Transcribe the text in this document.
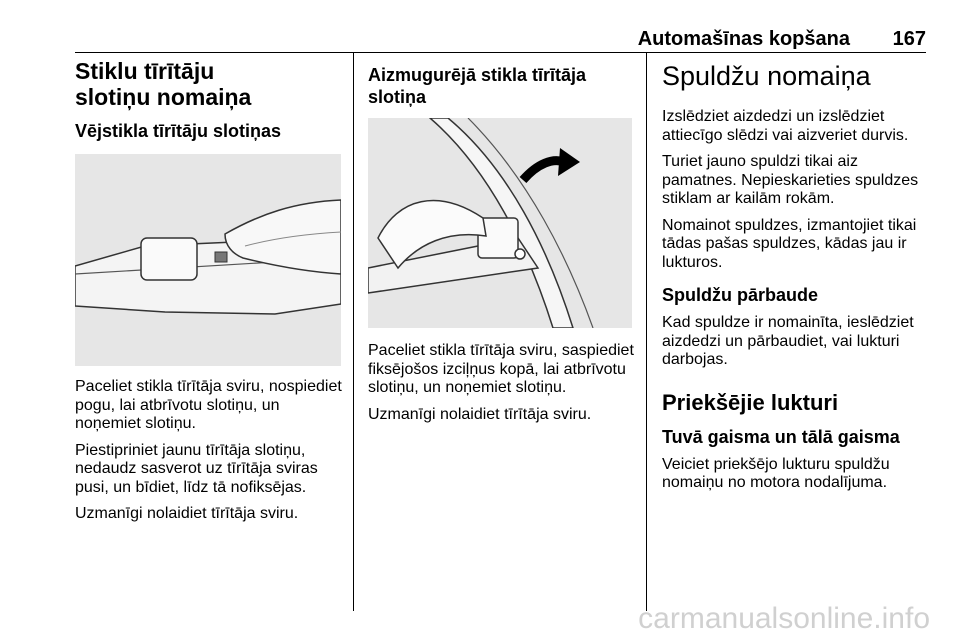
Automašīnas kopšana 167
Stiklu tīrītāju slotiņu nomaiņa
Vējstikla tīrītāju slotiņas

Paceliet stikla tīrītāja sviru, nospiediet pogu, lai atbrīvotu slotiņu, un noņemiet slotiņu.

Piestipriniet jaunu tīrītāja slotiņu, nedaudz sasverot uz tīrītāja sviras pusi, un bīdiet, līdz tā nofiksējas.

Uzmanīgi nolaidiet tīrītāja sviru.

Aizmugurējā stikla tīrītāja slotiņa

Paceliet stikla tīrītāja sviru, saspiediet fiksējošos izciļņus kopā, lai atbrīvotu slotiņu, un noņemiet slotiņu.

Uzmanīgi nolaidiet tīrītāja sviru.

Spuldžu nomaiņa

Izslēdziet aizdedzi un izslēdziet attiecīgo slēdzi vai aizveriet durvis.

Turiet jauno spuldzi tikai aiz pamatnes. Nepieskarieties spuldzes stiklam ar kailām rokām.

Nomainot spuldzes, izmantojiet tikai tādas pašas spuldzes, kādas jau ir lukturos.

Spuldžu pārbaude

Kad spuldze ir nomainīta, ieslēdziet aizdedzi un pārbaudiet, vai lukturi darbojas.

Priekšējie lukturi
Tuvā gaisma un tālā gaisma

Veiciet priekšējo lukturu spuldžu nomaiņu no motora nodalījuma.

carmanualsonline.info
